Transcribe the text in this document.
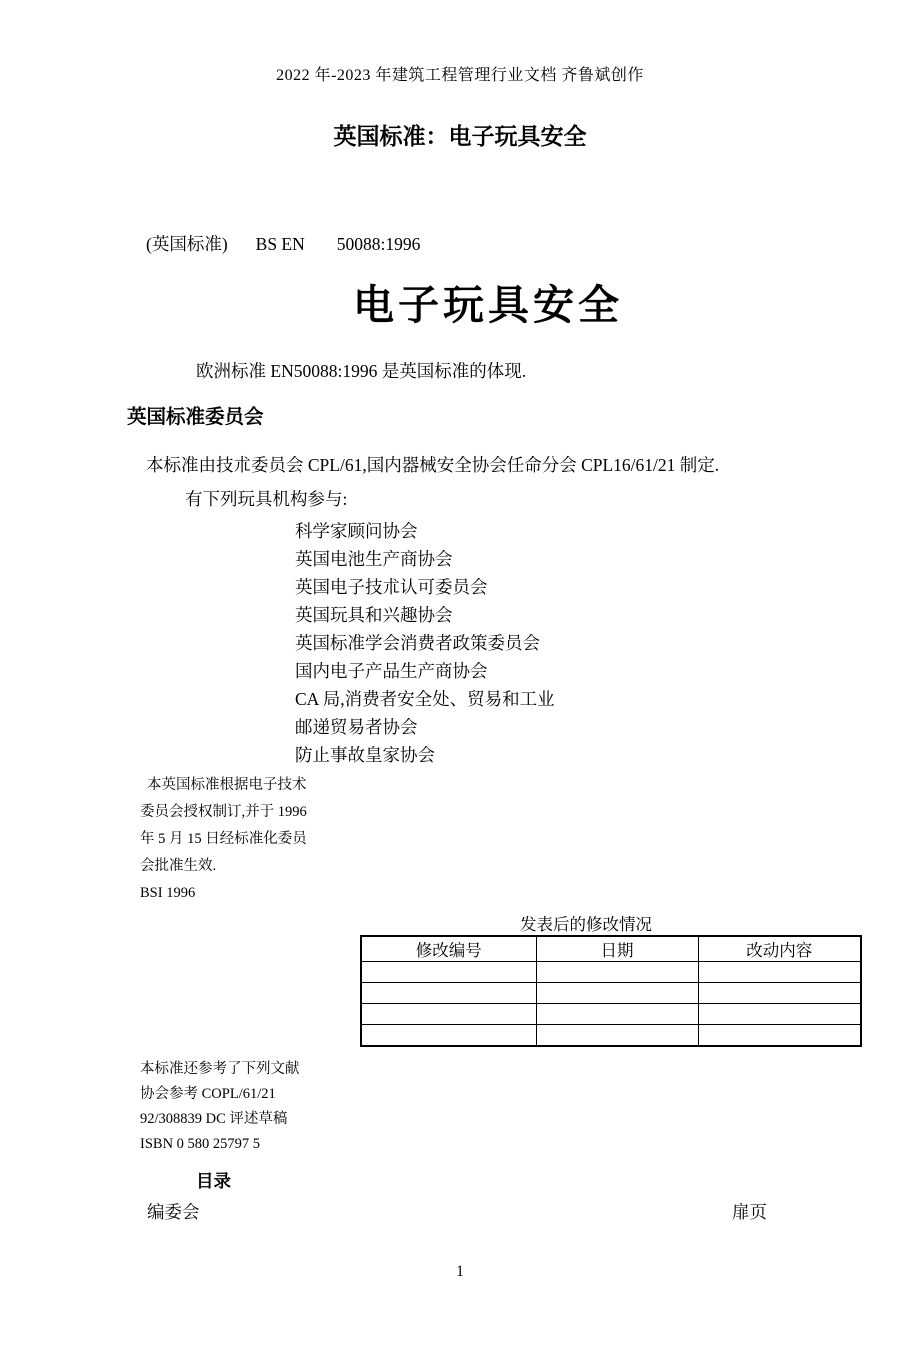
2022 年-2023 年建筑工程管理行业文档 齐鲁斌创作
英国标准：电子玩具安全
(英国标准) BS EN 50088:1996
电子玩具安全
欧洲标准 EN50088:1996 是英国标准的体现.
英国标准委员会
本标准由技朮委员会 CPL/61,国内器械安全协会任命分会 CPL16/61/21 制定.
有下列玩具机构参与:
科学家顾问协会
英国电池生产商协会
英国电子技朮认可委员会
英国玩具和兴趣协会
英国标准学会消费者政策委员会
国内电子产品生产商协会
CA 局,消费者安全处、贸易和工业
邮递贸易者协会
防止事故皇家协会
本英国标准根据电子技术
委员会授权制订,并于 1996
年 5 月 15 日经标准化委员
会批准生效.
BSI 1996
发表后的修改情况
修改编号	日期	改动内容

本标准还参考了下列文献
协会参考 COPL/61/21
92/308839 DC 评述草稿
ISBN 0 580 25797 5
目录
编委会	扉页
1
